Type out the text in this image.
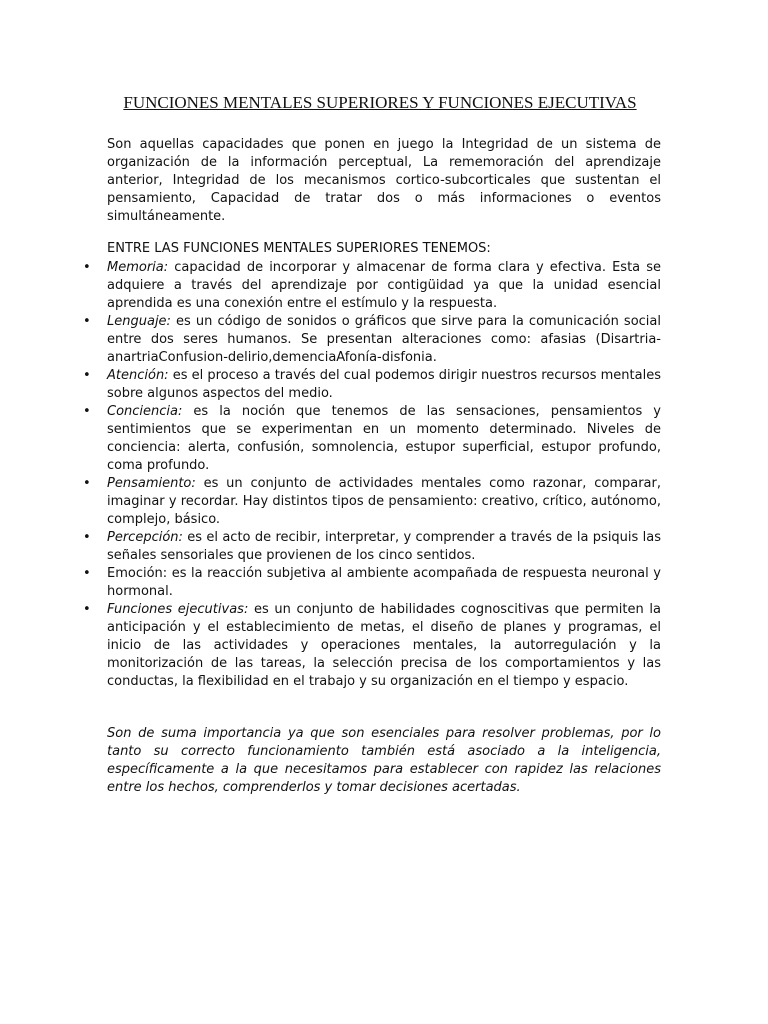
FUNCIONES MENTALES SUPERIORES Y FUNCIONES EJECUTIVAS

Son aquellas capacidades que ponen en juego la Integridad de un sistema de organización de la información perceptual, La rememoración del aprendizaje anterior, Integridad de los mecanismos cortico-subcorticales que sustentan el pensamiento, Capacidad de tratar dos o más informaciones o eventos simultáneamente.

ENTRE LAS FUNCIONES MENTALES SUPERIORES TENEMOS:

• Memoria: capacidad de incorporar y almacenar de forma clara y efectiva. Esta se adquiere a través del aprendizaje por contigüidad ya que la unidad esencial aprendida es una conexión entre el estímulo y la respuesta.
• Lenguaje: es un código de sonidos o gráficos que sirve para la comunicación social entre dos seres humanos. Se presentan alteraciones como: afasias (Disartria-anartriaConfusion-delirio,demenciaAfonía-disfonia.
• Atención: es el proceso a través del cual podemos dirigir nuestros recursos mentales sobre algunos aspectos del medio.
• Conciencia: es la noción que tenemos de las sensaciones, pensamientos y sentimientos que se experimentan en un momento determinado. Niveles de conciencia: alerta, confusión, somnolencia, estupor superficial, estupor profundo, coma profundo.
• Pensamiento: es un conjunto de actividades mentales como razonar, comparar, imaginar y recordar. Hay distintos tipos de pensamiento: creativo, crítico, autónomo, complejo, básico.
• Percepción: es el acto de recibir, interpretar, y comprender a través de la psiquis las señales sensoriales que provienen de los cinco sentidos.
• Emoción: es la reacción subjetiva al ambiente acompañada de respuesta neuronal y hormonal.
• Funciones ejecutivas: es un conjunto de habilidades cognoscitivas que permiten la anticipación y el establecimiento de metas, el diseño de planes y programas, el inicio de las actividades y operaciones mentales, la autorregulación y la monitorización de las tareas, la selección precisa de los comportamientos y las conductas, la flexibilidad en el trabajo y su organización en el tiempo y espacio.

Son de suma importancia ya que son esenciales para resolver problemas, por lo tanto su correcto funcionamiento también está asociado a la inteligencia, específicamente a la que necesitamos para establecer con rapidez las relaciones entre los hechos, comprenderlos y tomar decisiones acertadas.
